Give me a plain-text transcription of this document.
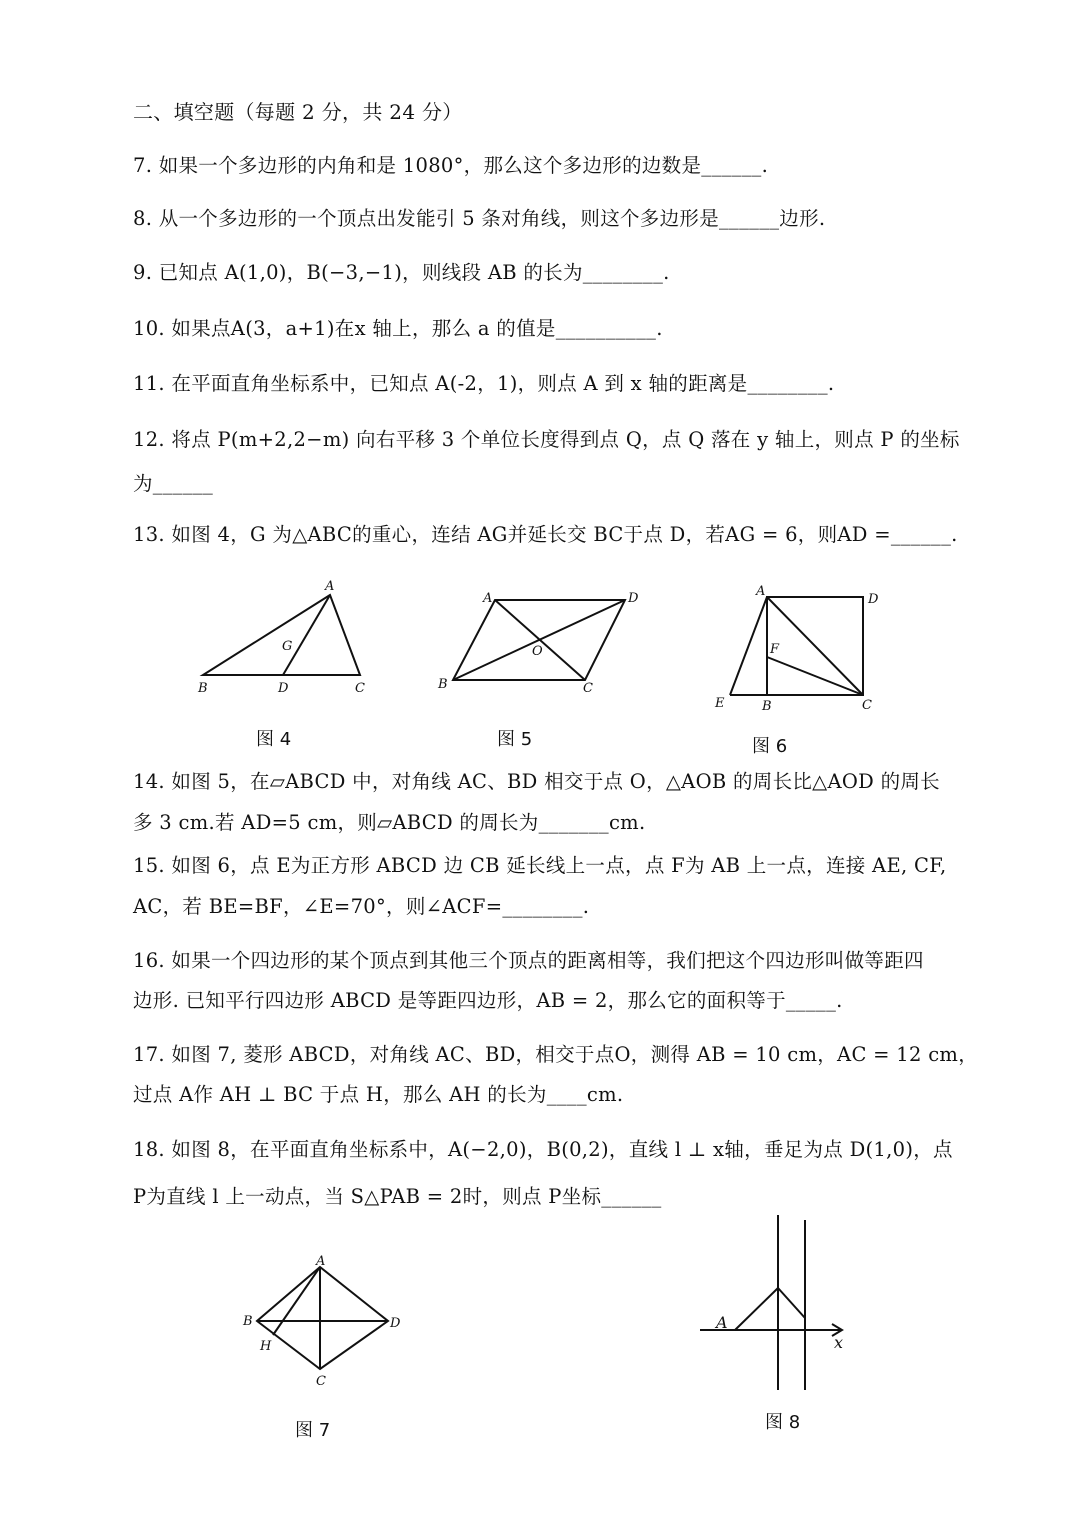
二、填空题（每题 2 分，共 24 分）
7. 如果一个多边形的内角和是 1080°，那么这个多边形的边数是______.
8. 从一个多边形的一个顶点出发能引 5 条对角线，则这个多边形是______边形.
9. 已知点 A(1,0)，B(−3,−1)，则线段 AB 的长为________.
10. 如果点A(3，a+1)在x 轴上，那么 a 的值是__________.
11. 在平面直角坐标系中，已知点 A(-2，1)，则点 A 到 x 轴的距离是________.
12. 将点 P(m+2,2−m) 向右平移 3 个单位长度得到点 Q，点 Q 落在 y 轴上，则点 P 的坐标
为______
13. 如图 4，G 为△ABC的重心，连结 AG并延长交 BC于点 D，若AG = 6，则AD =______.
A
B	C
D
G
图 4
A	D
B	C
O
图 5
A
D
E	B	C
F
图 6
14. 如图 5，在▱ABCD 中，对角线 AC、BD 相交于点 O，△AOB 的周长比△AOD 的周长
多 3 cm.若 AD=5 cm，则▱ABCD 的周长为_______cm.
15. 如图 6，点 E为正方形 ABCD 边 CB 延长线上一点，点 F为 AB 上一点，连接 AE, CF,
AC，若 BE=BF，∠E=70°，则∠ACF=________.
16. 如果一个四边形的某个顶点到其他三个顶点的距离相等，我们把这个四边形叫做等距四
边形. 已知平行四边形 ABCD 是等距四边形，AB = 2，那么它的面积等于_____.
17. 如图 7, 菱形 ABCD，对角线 AC、BD，相交于点O，测得 AB = 10 cm，AC = 12 cm，
过点 A作 AH ⊥ BC 于点 H，那么 AH 的长为____cm.
18. 如图 8，在平面直角坐标系中，A(−2,0)，B(0,2)，直线 l ⊥ x轴，垂足为点 D(1,0)，点
P为直线 l 上一动点，当 S△PAB = 2时，则点 P坐标______
A
B	D
C
H
图 7
A
x
图 8
